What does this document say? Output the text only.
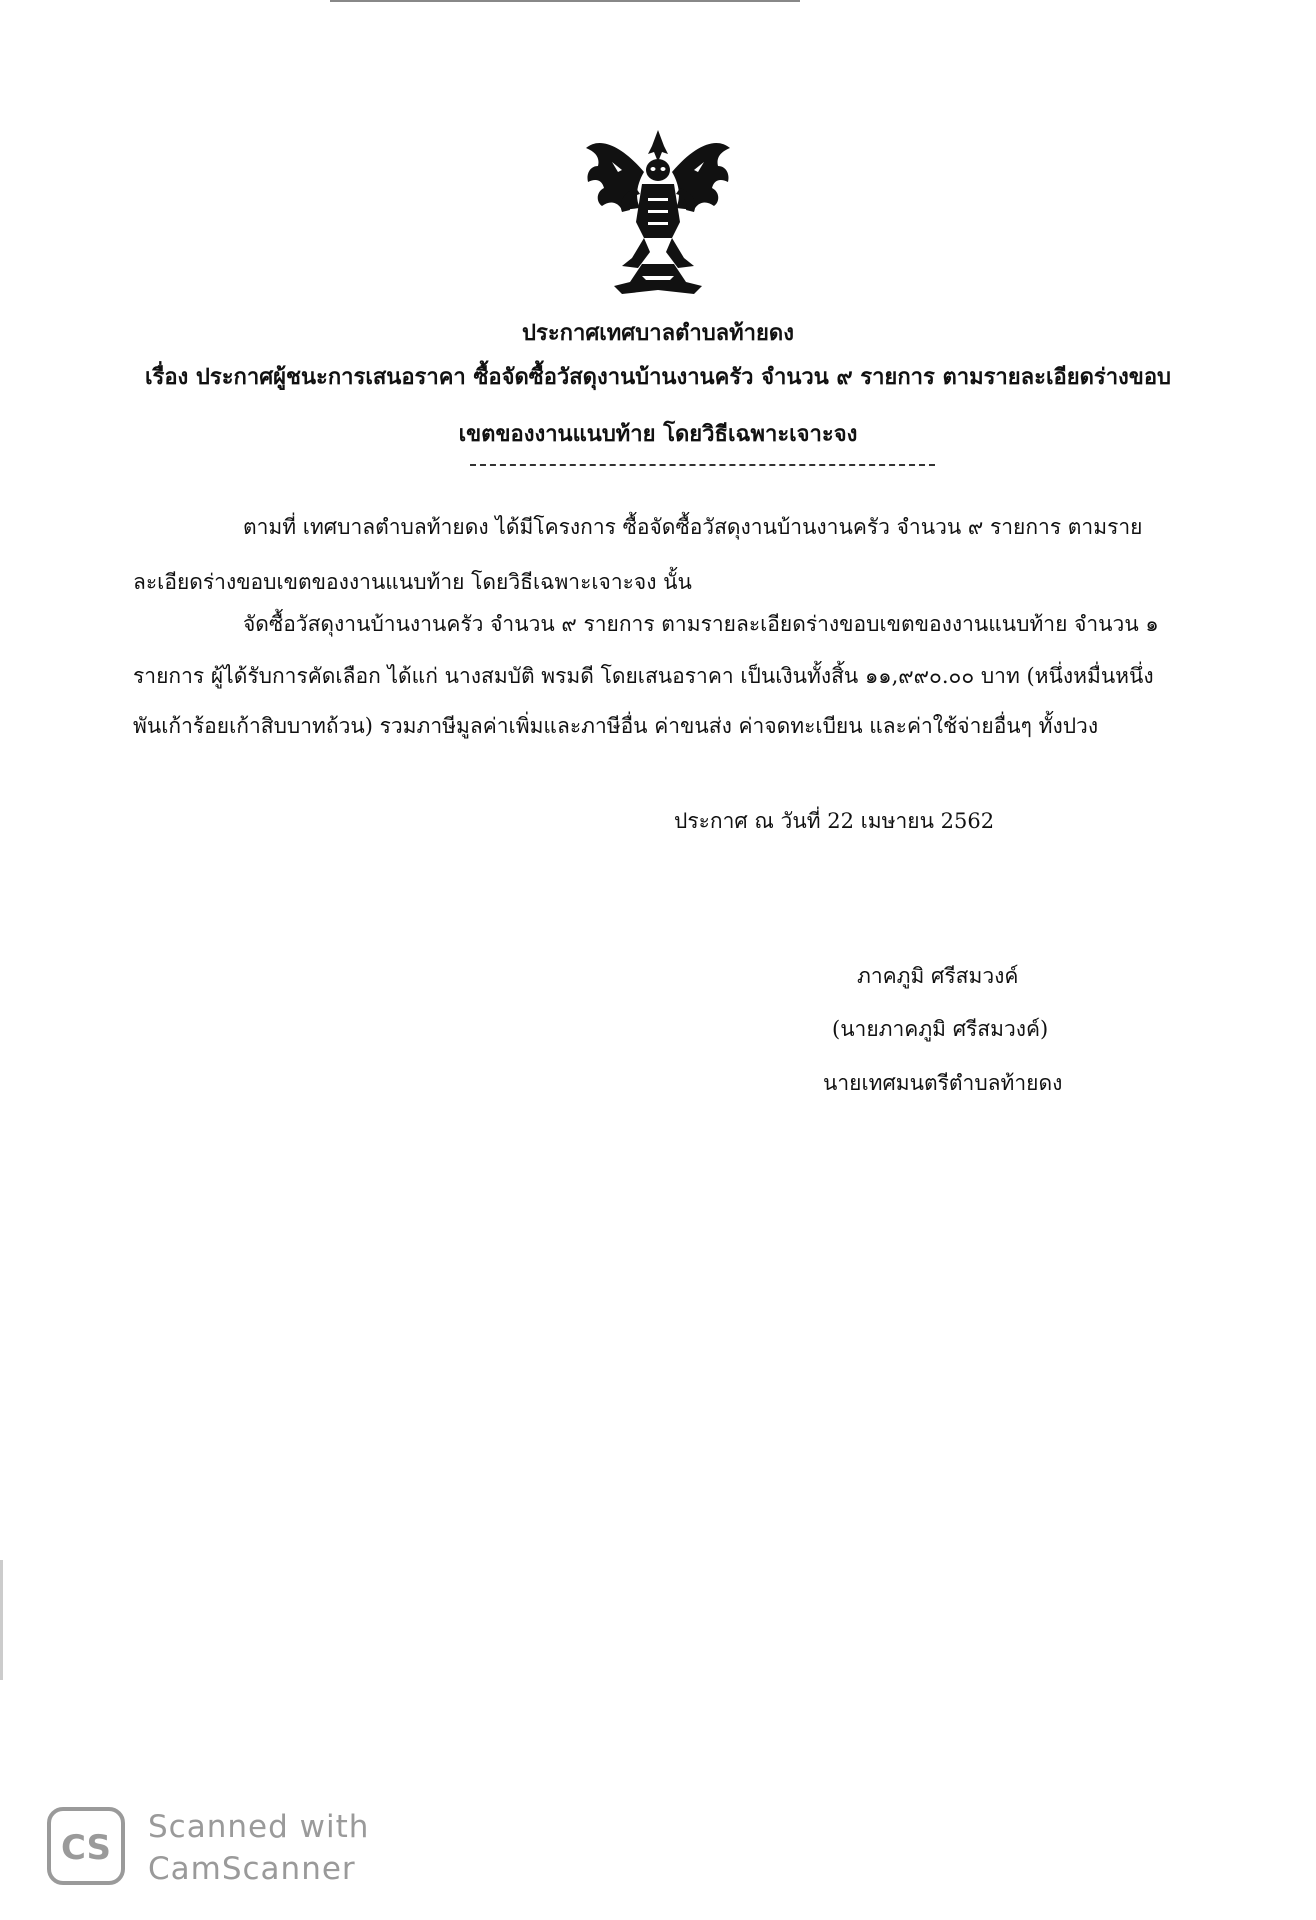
ประกาศเทศบาลตำบลท้ายดง
เรื่อง ประกาศผู้ชนะการเสนอราคา ซื้อจัดซื้อวัสดุงานบ้านงานครัว จำนวน ๙ รายการ ตามรายละเอียดร่างขอบ
เขตของงานแนบท้าย โดยวิธีเฉพาะเจาะจง
ตามที่ เทศบาลตำบลท้ายดง ได้มีโครงการ ซื้อจัดซื้อวัสดุงานบ้านงานครัว จำนวน ๙ รายการ ตามราย
ละเอียดร่างขอบเขตของงานแนบท้าย โดยวิธีเฉพาะเจาะจง นั้น
จัดซื้อวัสดุงานบ้านงานครัว จำนวน ๙ รายการ ตามรายละเอียดร่างขอบเขตของงานแนบท้าย จำนวน ๑
รายการ ผู้ได้รับการคัดเลือก ได้แก่ นางสมบัติ พรมดี โดยเสนอราคา เป็นเงินทั้งสิ้น ๑๑,๙๙๐.๐๐ บาท (หนึ่งหมื่นหนึ่ง
พันเก้าร้อยเก้าสิบบาทถ้วน) รวมภาษีมูลค่าเพิ่มและภาษีอื่น ค่าขนส่ง ค่าจดทะเบียน และค่าใช้จ่ายอื่นๆ ทั้งปวง
ประกาศ ณ วันที่ 22 เมษายน 2562
ภาคภูมิ ศรีสมวงค์
(นายภาคภูมิ ศรีสมวงค์)
นายเทศมนตรีตำบลท้ายดง
CS
Scanned with
CamScanner
